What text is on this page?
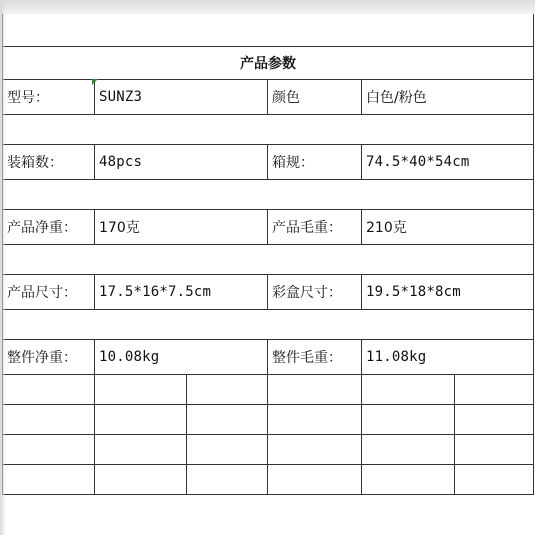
产品参数					
型号：	SUNZ3		颜色	白色/粉色	

装箱数：	48pcs		箱规：	74.5*40*54cm	

产品净重：	170克		产品毛重：	210克	

产品尺寸：	17.5*16*7.5cm		彩盒尺寸：	19.5*18*8cm	

整件净重：	10.08kg		整件毛重：	11.08kg	
